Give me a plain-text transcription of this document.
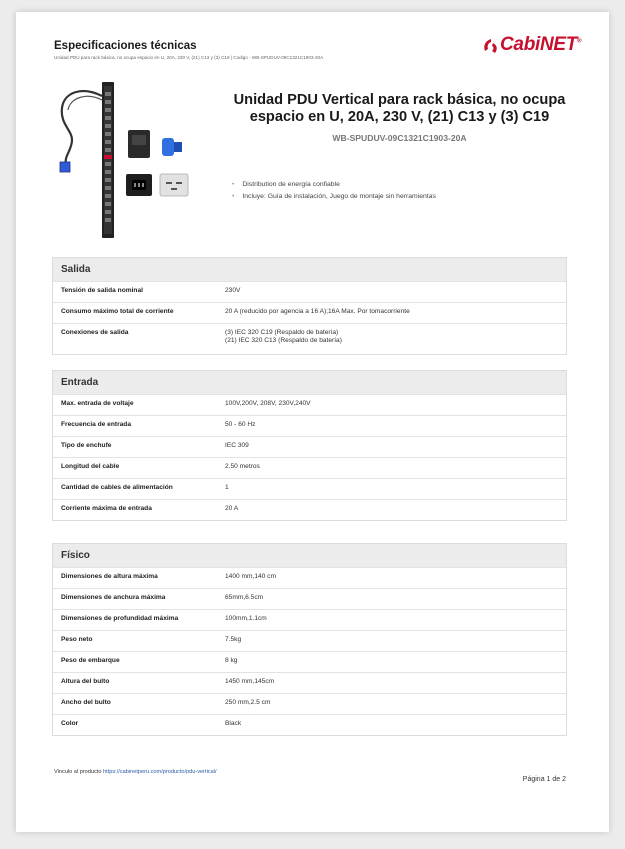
Especificaciones técnicas
Unidad PDU para rack básica, no ocupa espacio en U, 20A, 230 V, (21) C13 y (3) C19 | Codigo - WB-SPUDUV-09C1321C1903-20A
CabiNET®
Unidad PDU Vertical para rack básica, no ocupa espacio en U, 20A, 230 V, (21) C13 y (3) C19
WB-SPUDUV-09C1321C1903-20A
• Distribution de energía confiable
• Incluye: Guía de instalación, Juego de montaje sin herramientas
Salida
Tensión de salida nominal	230V
Consumo máximo total de corriente	20 A (reducido por agencia a 16 A);16A Max. Por tomacorriente
Conexiones de salida	(3) IEC 320 C19 (Respaldo de batería)
(21) IEC 320 C13 (Respaldo de batería)
Entrada
Max. entrada de voltaje	100V,200V, 208V, 230V,240V
Frecuencia de entrada	50 - 60 Hz
Tipo de enchufe	IEC 309
Longitud del cable	2.50 metros
Cantidad de cables de alimentación	1
Corriente máxima de entrada	20 A
Físico
Dimensiones de altura máxima	1400 mm,140 cm
Dimensiones de anchura máxima	65mm,6.5cm
Dimensiones de profundidad máxima	100mm,1.1cm
Peso neto	7.5kg
Peso de embarque	8 kg
Altura del bulto	1450 mm,145cm
Ancho del bulto	250 mm,2.5 cm
Color	Black
Vinculo al producto https://cabinetperu.com/producto/pdu-vertical/
Página 1 de 2
